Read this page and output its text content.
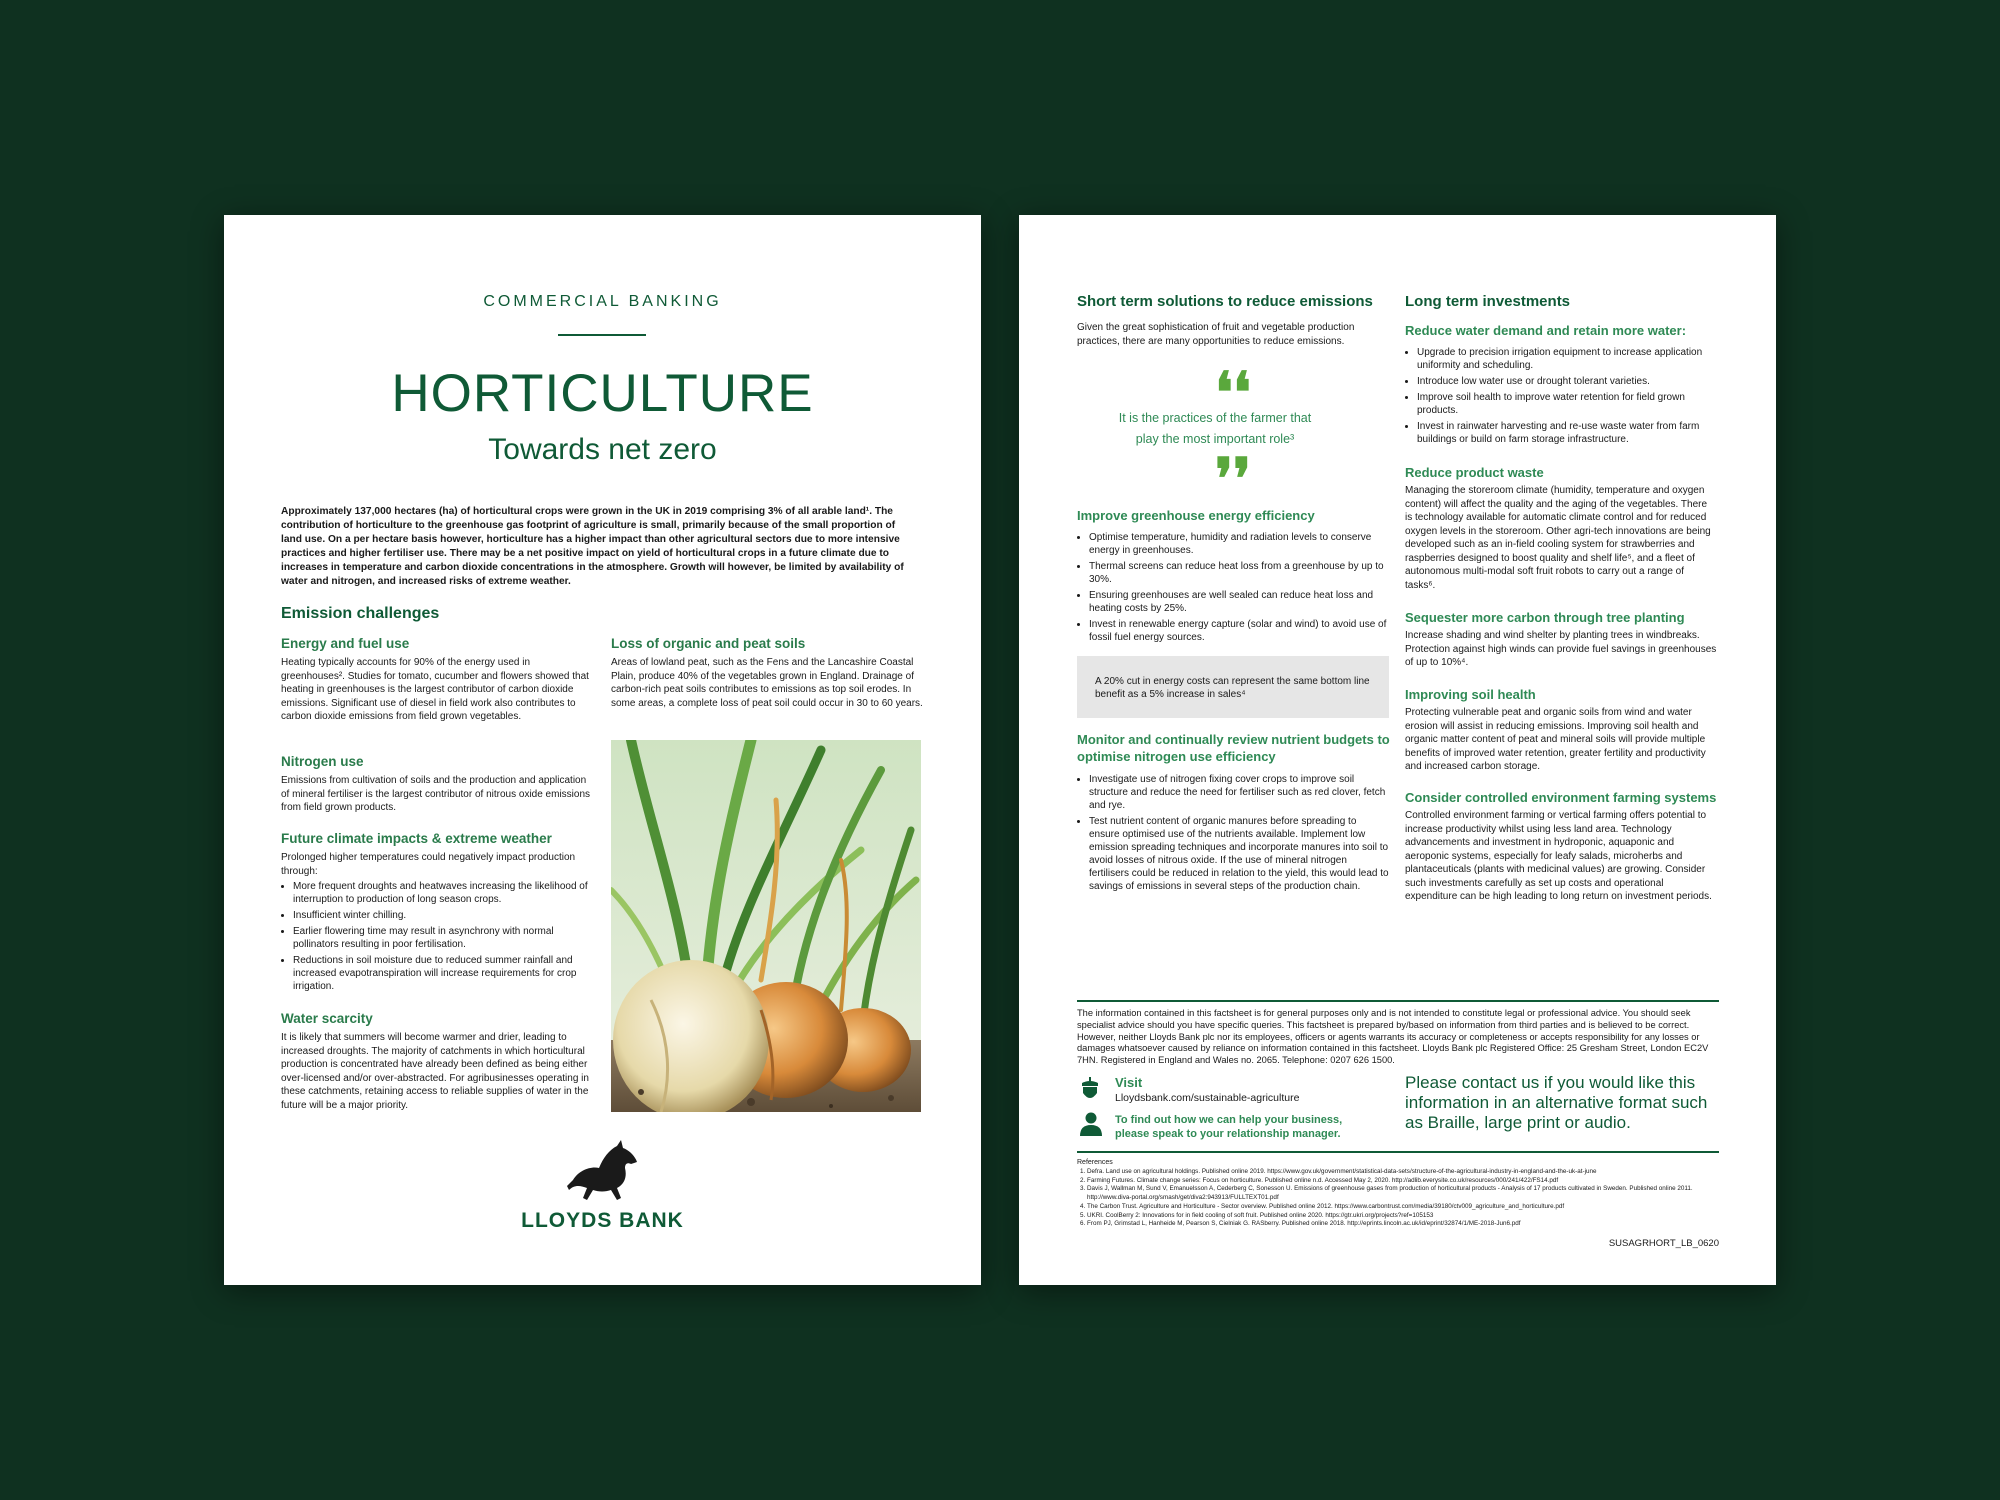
COMMERCIAL BANKING
HORTICULTURE
Towards net zero

Approximately 137,000 hectares (ha) of horticultural crops were grown in the UK in 2019 comprising 3% of all arable land¹. The contribution of horticulture to the greenhouse gas footprint of agriculture is small, primarily because of the small proportion of land use. On a per hectare basis however, horticulture has a higher impact than other agricultural sectors due to more intensive practices and higher fertiliser use. There may be a net positive impact on yield of horticultural crops in a future climate due to increases in temperature and carbon dioxide concentrations in the atmosphere. Growth will however, be limited by availability of water and nitrogen, and increased risks of extreme weather.

Emission challenges
Energy and fuel use

Heating typically accounts for 90% of the energy used in greenhouses². Studies for tomato, cucumber and flowers showed that heating in greenhouses is the largest contributor of carbon dioxide emissions. Significant use of diesel in field work also contributes to carbon dioxide emissions from field grown vegetables.

Nitrogen use

Emissions from cultivation of soils and the production and application of mineral fertiliser is the largest contributor of nitrous oxide emissions from field grown products.

Future climate impacts & extreme weather

Prolonged higher temperatures could negatively impact production through:

• More frequent droughts and heatwaves increasing the likelihood of interruption to production of long season crops.
• Insufficient winter chilling.
• Earlier flowering time may result in asynchrony with normal pollinators resulting in poor fertilisation.
• Reductions in soil moisture due to reduced summer rainfall and increased evapotranspiration will increase requirements for crop irrigation.
Water scarcity

It is likely that summers will become warmer and drier, leading to increased droughts. The majority of catchments in which horticultural production is concentrated have already been defined as being either over-licensed and/or over-abstracted. For agribusinesses operating in these catchments, retaining access to reliable supplies of water in the future will be a major priority.

Loss of organic and peat soils

Areas of lowland peat, such as the Fens and the Lancashire Coastal Plain, produce 40% of the vegetables grown in England. Drainage of carbon-rich peat soils contributes to emissions as top soil erodes. In some areas, a complete loss of peat soil could occur in 30 to 60 years.

LLOYDS BANK
Short term solutions to reduce emissions

Given the great sophistication of fruit and vegetable production practices, there are many opportunities to reduce emissions.

❛❛

It is the practices of the farmer that play the most important role³

❜❜
Improve greenhouse energy efficiency
• Optimise temperature, humidity and radiation levels to conserve energy in greenhouses.
• Thermal screens can reduce heat loss from a greenhouse by up to 30%.
• Ensuring greenhouses are well sealed can reduce heat loss and heating costs by 25%.
• Invest in renewable energy capture (solar and wind) to avoid use of fossil fuel energy sources.

A 20% cut in energy costs can represent the same bottom line benefit as a 5% increase in sales⁴

Monitor and continually review nutrient budgets to optimise nitrogen use efficiency
• Investigate use of nitrogen fixing cover crops to improve soil structure and reduce the need for fertiliser such as red clover, fetch and rye.
• Test nutrient content of organic manures before spreading to ensure optimised use of the nutrients available. Implement low emission spreading techniques and incorporate manures into soil to avoid losses of nitrous oxide. If the use of mineral nitrogen fertilisers could be reduced in relation to the yield, this would lead to savings of emissions in several steps of the production chain.
Long term investments
Reduce water demand and retain more water:
• Upgrade to precision irrigation equipment to increase application uniformity and scheduling.
• Introduce low water use or drought tolerant varieties.
• Improve soil health to improve water retention for field grown products.
• Invest in rainwater harvesting and re-use waste water from farm buildings or build on farm storage infrastructure.
Reduce product waste

Managing the storeroom climate (humidity, temperature and oxygen content) will affect the quality and the aging of the vegetables. There is technology available for automatic climate control and for reduced oxygen levels in the storeroom. Other agri-tech innovations are being developed such as an in-field cooling system for strawberries and raspberries designed to boost quality and shelf life⁵, and a fleet of autonomous multi-modal soft fruit robots to carry out a range of tasks⁶.

Sequester more carbon through tree planting

Increase shading and wind shelter by planting trees in windbreaks. Protection against high winds can provide fuel savings in greenhouses of up to 10%⁴.

Improving soil health

Protecting vulnerable peat and organic soils from wind and water erosion will assist in reducing emissions. Improving soil health and organic matter content of peat and mineral soils will provide multiple benefits of improved water retention, greater fertility and productivity and increased carbon storage.

Consider controlled environment farming systems

Controlled environment farming or vertical farming offers potential to increase productivity whilst using less land area. Technology advancements and investment in hydroponic, aquaponic and aeroponic systems, especially for leafy salads, microherbs and plantaceuticals (plants with medicinal values) are growing. Consider such investments carefully as set up costs and operational expenditure can be high leading to long return on investment periods.

The information contained in this factsheet is for general purposes only and is not intended to constitute legal or professional advice. You should seek specialist advice should you have specific queries. This factsheet is prepared by/based on information from third parties and is believed to be correct. However, neither Lloyds Bank plc nor its employees, officers or agents warrants its accuracy or completeness or accepts responsibility for any losses or damages whatsoever caused by reliance on information contained in this factsheet. Lloyds Bank plc Registered Office: 25 Gresham Street, London EC2V 7HN. Registered in England and Wales no. 2065. Telephone: 0207 626 1500.

Visit

Lloydsbank.com/sustainable-agriculture

To find out how we can help your business, please speak to your relationship manager.

Please contact us if you would like this information in an alternative format such as Braille, large print or audio.

References

1. Defra. Land use on agricultural holdings. Published online 2019. https://www.gov.uk/government/statistical-data-sets/structure-of-the-agricultural-industry-in-england-and-the-uk-at-june
2. Farming Futures. Climate change series: Focus on horticulture. Published online n.d. Accessed May 2, 2020. http://adlib.everysite.co.uk/resources/000/241/422/FS14.pdf
3. Davis J, Wallman M, Sund V, Emanuelsson A, Cederberg C, Sonesson U. Emissions of greenhouse gases from production of horticultural products - Analysis of 17 products cultivated in Sweden. Published online 2011. http://www.diva-portal.org/smash/get/diva2:943913/FULLTEXT01.pdf
4. The Carbon Trust. Agriculture and Horticulture - Sector overview. Published online 2012. https://www.carbontrust.com/media/39180/ctv009_agriculture_and_horticulture.pdf
5. UKRI. CoolBerry 2: Innovations for in field cooling of soft fruit. Published online 2020. https://gtr.ukri.org/projects?ref=105153
6. From PJ, Grimstad L, Hanheide M, Pearson S, Cielniak G. RASberry. Published online 2018. http://eprints.lincoln.ac.uk/id/eprint/32874/1/ME-2018-Jun6.pdf

SUSAGRHORT_LB_0620
